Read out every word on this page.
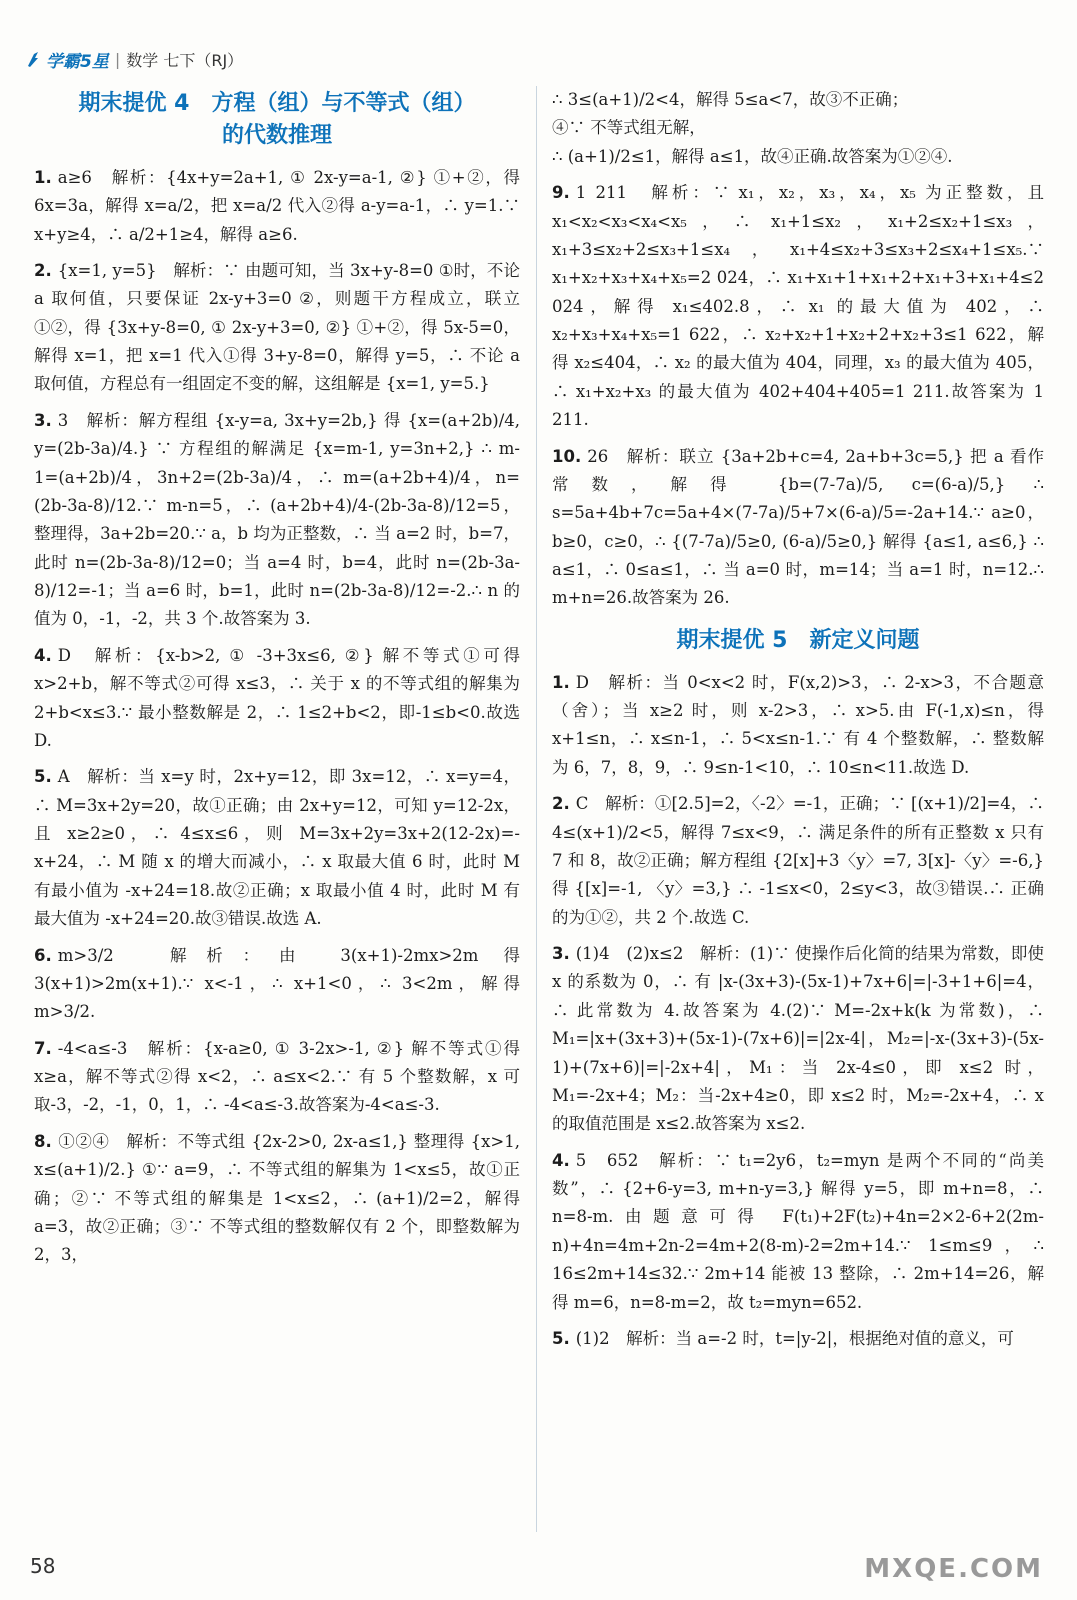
学霸5星 | 数学 七下（RJ）
期末提优 4　方程（组）与不等式（组）
的代数推理

1. a≥6　解析：{4x+y=2a+1, ① 2x-y=a-1, ②} ①+②，得 6x=3a，解得 x=a/2，把 x=a/2 代入②得 a-y=a-1，∴ y=1.∵ x+y≥4，∴ a/2+1≥4，解得 a≥6.

2. {x=1, y=5}　解析：∵ 由题可知，当 3x+y-8=0 ①时，不论 a 取何值，只要保证 2x-y+3=0 ②，则题干方程成立，联立①②，得 {3x+y-8=0, ① 2x-y+3=0, ②} ①+②，得 5x-5=0，解得 x=1，把 x=1 代入①得 3+y-8=0，解得 y=5，∴ 不论 a 取何值，方程总有一组固定不变的解，这组解是 {x=1, y=5.}

3. 3　解析：解方程组 {x-y=a, 3x+y=2b,} 得 {x=(a+2b)/4, y=(2b-3a)/4.} ∵ 方程组的解满足 {x=m-1, y=3n+2,} ∴ m-1=(a+2b)/4，3n+2=(2b-3a)/4，∴ m=(a+2b+4)/4，n=(2b-3a-8)/12.∵ m-n=5，∴ (a+2b+4)/4-(2b-3a-8)/12=5，整理得，3a+2b=20.∵ a，b 均为正整数，∴ 当 a=2 时，b=7，此时 n=(2b-3a-8)/12=0；当 a=4 时，b=4，此时 n=(2b-3a-8)/12=-1；当 a=6 时，b=1，此时 n=(2b-3a-8)/12=-2.∴ n 的值为 0，-1，-2，共 3 个.故答案为 3.

4. D　解析：{x-b>2, ① -3+3x≤6, ②} 解不等式①可得 x>2+b，解不等式②可得 x≤3，∴ 关于 x 的不等式组的解集为 2+b<x≤3.∵ 最小整数解是 2，∴ 1≤2+b<2，即-1≤b<0.故选 D.

5. A　解析：当 x=y 时，2x+y=12，即 3x=12，∴ x=y=4，∴ M=3x+2y=20，故①正确；由 2x+y=12，可知 y=12-2x，且 x≥2≥0，∴ 4≤x≤6，则 M=3x+2y=3x+2(12-2x)=-x+24，∴ M 随 x 的增大而减小，∴ x 取最大值 6 时，此时 M 有最小值为 -x+24=18.故②正确；x 取最小值 4 时，此时 M 有最大值为 -x+24=20.故③错误.故选 A.

6. m>3/2　解析：由 3(x+1)-2mx>2m 得 3(x+1)>2m(x+1).∵ x<-1，∴ x+1<0，∴ 3<2m，解得 m>3/2.

7. -4<a≤-3　解析：{x-a≥0, ① 3-2x>-1, ②} 解不等式①得 x≥a，解不等式②得 x<2，∴ a≤x<2.∵ 有 5 个整数解，x 可取-3，-2，-1，0，1，∴ -4<a≤-3.故答案为-4<a≤-3.

8. ①②④　解析：不等式组 {2x-2>0, 2x-a≤1,} 整理得 {x>1, x≤(a+1)/2.} ①∵ a=9，∴ 不等式组的解集为 1<x≤5，故①正确；②∵ 不等式组的解集是 1<x≤2，∴ (a+1)/2=2，解得 a=3，故②正确；③∵ 不等式组的整数解仅有 2 个，即整数解为 2，3，

∴ 3≤(a+1)/2<4，解得 5≤a<7，故③不正确；

④∵ 不等式组无解，

∴ (a+1)/2≤1，解得 a≤1，故④正确.故答案为①②④.

9. 1 211　解析：∵ x₁，x₂，x₃，x₄，x₅ 为正整数，且 x₁<x₂<x₃<x₄<x₅，∴ x₁+1≤x₂，x₁+2≤x₂+1≤x₃，x₁+3≤x₂+2≤x₃+1≤x₄，x₁+4≤x₂+3≤x₃+2≤x₄+1≤x₅.∵ x₁+x₂+x₃+x₄+x₅=2 024，∴ x₁+x₁+1+x₁+2+x₁+3+x₁+4≤2 024，解得 x₁≤402.8，∴ x₁ 的最大值为 402，∴ x₂+x₃+x₄+x₅=1 622，∴ x₂+x₂+1+x₂+2+x₂+3≤1 622，解得 x₂≤404，∴ x₂ 的最大值为 404，同理，x₃ 的最大值为 405，∴ x₁+x₂+x₃ 的最大值为 402+404+405=1 211.故答案为 1 211.

10. 26　解析：联立 {3a+2b+c=4, 2a+b+3c=5,} 把 a 看作常数，解得 {b=(7-7a)/5, c=(6-a)/5,} ∴ s=5a+4b+7c=5a+4×(7-7a)/5+7×(6-a)/5=-2a+14.∵ a≥0，b≥0，c≥0，∴ {(7-7a)/5≥0, (6-a)/5≥0,} 解得 {a≤1, a≤6,} ∴ a≤1，∴ 0≤a≤1，∴ 当 a=0 时，m=14；当 a=1 时，n=12.∴ m+n=26.故答案为 26.

期末提优 5　新定义问题

1. D　解析：当 0<x<2 时，F(x,2)>3，∴ 2-x>3，不合题意（舍）；当 x≥2 时，则 x-2>3，∴ x>5.由 F(-1,x)≤n，得 x+1≤n，∴ x≤n-1，∴ 5<x≤n-1.∵ 有 4 个整数解，∴ 整数解为 6，7，8，9，∴ 9≤n-1<10，∴ 10≤n<11.故选 D.

2. C　解析：①[2.5]=2，〈-2〉=-1，正确；∵ [(x+1)/2]=4，∴ 4≤(x+1)/2<5，解得 7≤x<9，∴ 满足条件的所有正整数 x 只有 7 和 8，故②正确；解方程组 {2[x]+3〈y〉=7, 3[x]-〈y〉=-6,} 得 {[x]=-1, 〈y〉=3,} ∴ -1≤x<0，2≤y<3，故③错误.∴ 正确的为①②，共 2 个.故选 C.

3. (1)4　(2)x≤2　解析：(1)∵ 使操作后化简的结果为常数，即使 x 的系数为 0，∴ 有 |x-(3x+3)-(5x-1)+7x+6|=|-3+1+6|=4，∴ 此常数为 4.故答案为 4.(2)∵ M=-2x+k(k 为常数)，∴ M₁=|x+(3x+3)+(5x-1)-(7x+6)|=|2x-4|，M₂=|-x-(3x+3)-(5x-1)+(7x+6)|=|-2x+4|，M₁：当 2x-4≤0，即 x≤2 时，M₁=-2x+4；M₂：当-2x+4≥0，即 x≤2 时，M₂=-2x+4，∴ x 的取值范围是 x≤2.故答案为 x≤2.

4. 5　652　解析：∵ t₁=2y6，t₂=myn 是两个不同的“尚美数”，∴ {2+6-y=3, m+n-y=3,} 解得 y=5，即 m+n=8，∴ n=8-m.由题意可得 F(t₁)+2F(t₂)+4n=2×2-6+2(2m-n)+4n=4m+2n-2=4m+2(8-m)-2=2m+14.∵ 1≤m≤9，∴ 16≤2m+14≤32.∵ 2m+14 能被 13 整除，∴ 2m+14=26，解得 m=6，n=8-m=2，故 t₂=myn=652.

5. (1)2　解析：当 a=-2 时，t=|y-2|，根据绝对值的意义，可

58	MXQE.COM
